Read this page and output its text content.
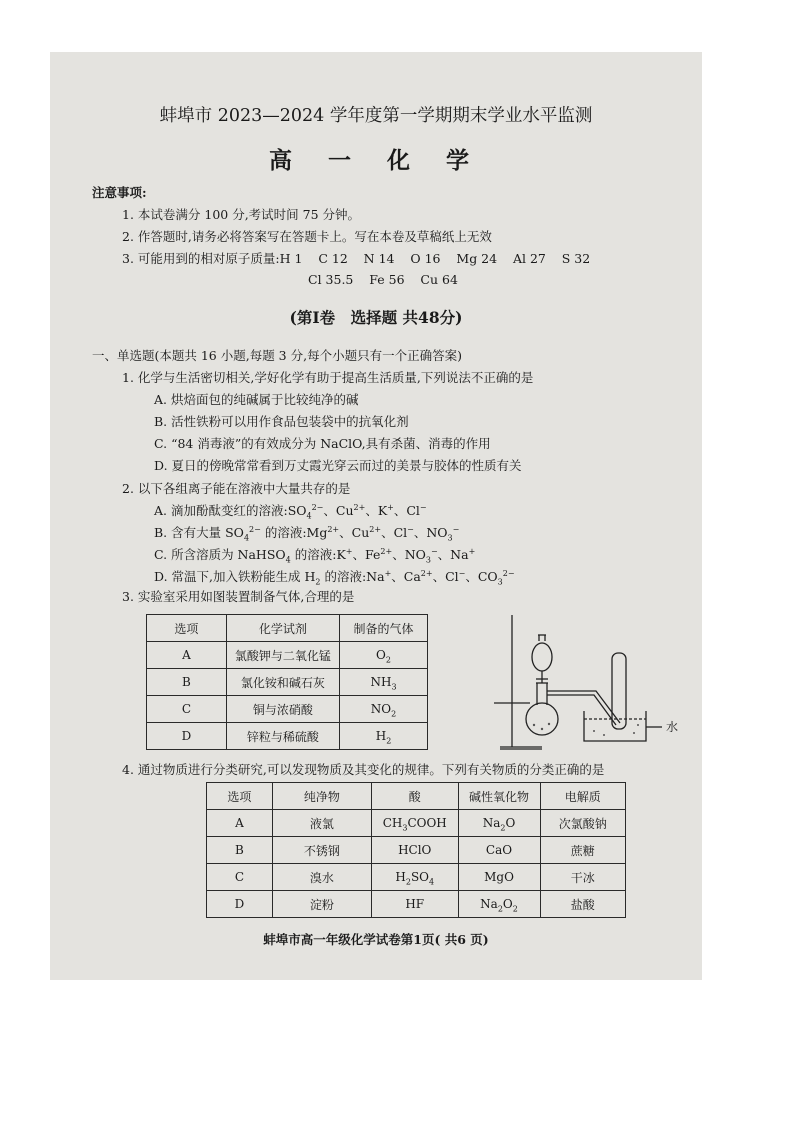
蚌埠市 2023—2024 学年度第一学期期末学业水平监测
高 一 化 学
注意事项:
1. 本试卷满分 100 分,考试时间 75 分钟。
2. 作答题时,请务必将答案写在答题卡上。写在本卷及草稿纸上无效
3. 可能用到的相对原子质量:H 1    C 12    N 14    O 16    Mg 24    Al 27    S 32
Cl 35.5    Fe 56    Cu 64
(第Ⅰ卷　选择题 共48分)
一、单选题(本题共 16 小题,每题 3 分,每个小题只有一个正确答案)
1. 化学与生活密切相关,学好化学有助于提高生活质量,下列说法不正确的是
A. 烘焙面包的纯碱属于比较纯净的碱
B. 活性铁粉可以用作食品包装袋中的抗氧化剂
C. “84 消毒液”的有效成分为 NaClO,具有杀菌、消毒的作用
D. 夏日的傍晚常常看到万丈霞光穿云而过的美景与胶体的性质有关
2. 以下各组离子能在溶液中大量共存的是
A. 滴加酚酞变红的溶液$:SO_4^{2-}$、$Cu^{2+}$、K+、Cl−
B. 含有大量 $SO_4^{2-}$ 的溶液$:Mg^{2+}$、$Cu^{2+}$、Cl−、$NO_3^-$
C. 所含溶质为 NaHSO$_4$ 的溶液:K+、$Fe^{2+}$、$NO_3^-$、Na+
D. 常温下,加入铁粉能生成 $H_2$ 的溶液:Na+、$Ca^{2+}$、Cl−、$CO_3^{2-}$
3. 实验室采用如图装置制备气体,合理的是
选项	化学试剂	制备的气体
A	氯酸钾与二氧化锰	$O_2$
B	氯化铵和碱石灰	$NH_3$
C	铜与浓硝酸	$NO_2$
D	锌粒与稀硫酸	$H_2$
水
4. 通过物质进行分类研究,可以发现物质及其变化的规律。下列有关物质的分类正确的是
选项	纯净物	酸	碱性氧化物	电解质
A	液氯	$CH_3COOH$	$Na_2O$	次氯酸钠
B	不锈钢	HClO	CaO	蔗糖
C	溴水	$H_2SO_4$	MgO	干冰
D	淀粉	HF	$Na_2O_2$	盐酸
蚌埠市高一年级化学试卷第1页( 共6 页)
